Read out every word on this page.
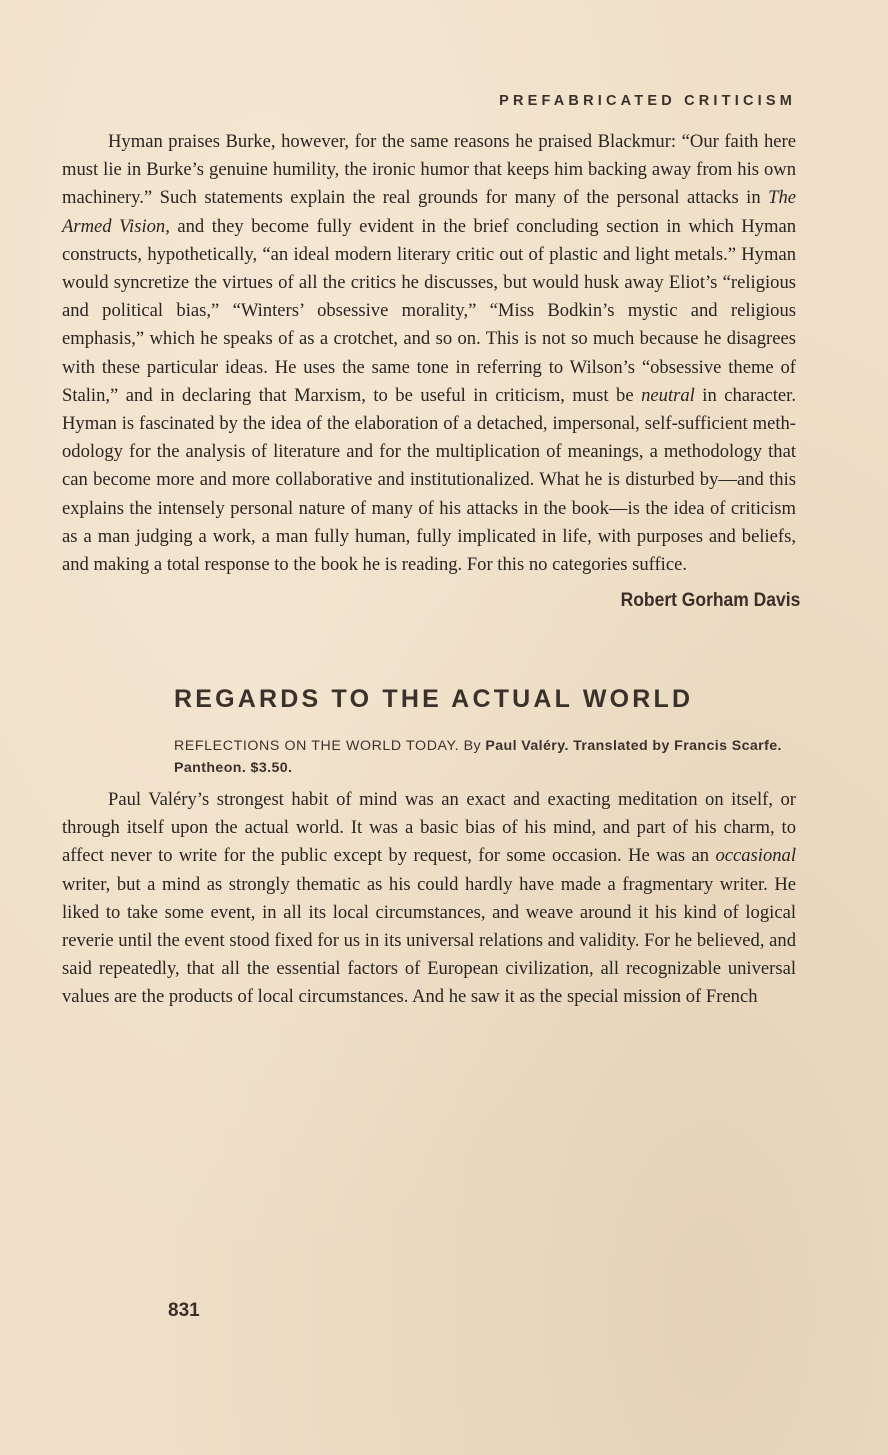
PREFABRICATED CRITICISM

Hyman praises Burke, however, for the same reasons he praised Blackmur: “Our faith here must lie in Burke’s genuine humility, the ironic humor that keeps him backing away from his own machinery.” Such statements explain the real grounds for many of the personal attacks in The Armed Vision, and they become fully evident in the brief concluding section in which Hyman constructs, hypothetically, “an ideal modern literary critic out of plastic and light metals.” Hyman would syncretize the virtues of all the critics he discusses, but would husk away Eliot’s “religious and political bias,” “Winters’ obsessive morality,” “Miss Bodkin’s mystic and religious emphasis,” which he speaks of as a crotchet, and so on. This is not so much because he disagrees with these particular ideas. He uses the same tone in referring to Wilson’s “obsessive theme of Stalin,” and in declaring that Marxism, to be useful in criticism, must be neutral in character. Hyman is fascinated by the idea of the elaboration of a detached, impersonal, self-sufficient methodology for the analysis of literature and for the multiplication of meanings, a methodology that can become more and more collaborative and institutionalized. What he is disturbed by—and this explains the intensely personal nature of many of his attacks in the book—is the idea of criticism as a man judging a work, a man fully human, fully implicated in life, with purposes and beliefs, and making a total response to the book he is reading. For this no categories suffice.

Robert Gorham Davis
REGARDS TO THE ACTUAL WORLD
REFLECTIONS ON THE WORLD TODAY. By Paul Valéry. Translated by Francis Scarfe. Pantheon. $3.50.

Paul Valéry’s strongest habit of mind was an exact and exacting meditation on itself, or through itself upon the actual world. It was a basic bias of his mind, and part of his charm, to affect never to write for the public except by request, for some occasion. He was an occasional writer, but a mind as strongly thematic as his could hardly have made a fragmentary writer. He liked to take some event, in all its local circumstances, and weave around it his kind of logical reverie until the event stood fixed for us in its universal relations and validity. For he believed, and said repeatedly, that all the essential factors of European civilization, all recognizable universal values are the products of local circumstances. And he saw it as the special mission of French

831
